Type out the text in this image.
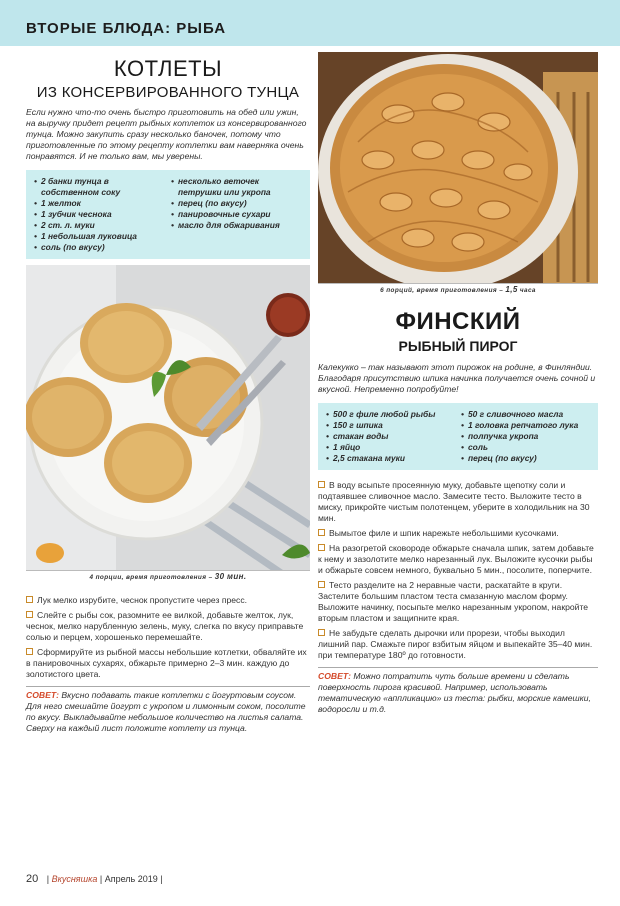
ВТОРЫЕ БЛЮДА: РЫБА
КОТЛЕТЫ
ИЗ КОНСЕРВИРОВАННОГО ТУНЦА

Если нужно что-то очень быстро приготовить на обед или ужин, на выручку придет рецепт рыбных котлеток из консервированного тунца. Можно закупить сразу несколько баночек, потому что приготовленные по этому рецепту котлетки вам наверняка очень понравятся. И не только вам, мы уверены.

• 2 банки тунца в собственном соку
• 1 желток
• 1 зубчик чеснока
• 2 ст. л. муки
• 1 небольшая луковица
• соль (по вкусу)
• несколько веточек петрушки или укропа
• перец (по вкусу)
• панировочные сухари
• масло для обжаривания
4 порции, время приготовления – 30 мин.

Лук мелко изрубите, чеснок пропустите через пресс.

Слейте с рыбы сок, разомните ее вилкой, добавьте желток, лук, чеснок, мелко нарубленную зелень, муку, слегка по вкусу приправьте солью и перцем, хорошенько перемешайте.

Сформируйте из рыбной массы небольшие котлетки, обваляйте их в панировочных сухарях, обжарьте примерно 2–3 мин. каждую до золотистого цвета.

СОВЕТ: Вкусно подавать такие котлетки с йогуртовым соусом. Для него смешайте йогурт с укропом и лимонным соком, посолите по вкусу. Выкладывайте небольшое количество на листья салата. Сверху на каждый лист положите котлету из тунца.

6 порций, время приготовления – 1,5 часа
ФИНСКИЙ
РЫБНЫЙ ПИРОГ

Калекукко – так называют этот пирожок на родине, в Финляндии. Благодаря присутствию шпика начинка получается очень сочной и вкусной. Непременно попробуйте!

• 500 г филе любой рыбы
• 150 г шпика
• стакан воды
• 1 яйцо
• 2,5 стакана муки
• 50 г сливочного масла
• 1 головка репчатого лука
• полпучка укропа
• соль
• перец (по вкусу)

В воду всыпьте просеянную муку, добавьте щепотку соли и подтаявшее сливочное масло. Замесите тесто. Выложите тесто в миску, прикройте чистым полотенцем, уберите в холодильник на 30 мин.

Вымытое филе и шпик нарежьте небольшими кусочками.

На разогретой сковороде обжарьте сначала шпик, затем добавьте к нему и зазолотите мелко нарезанный лук. Выложите кусочки рыбы и обжарьте совсем немного, буквально 5 мин., посолите, поперчите.

Тесто разделите на 2 неравные части, раскатайте в круги. Застелите большим пластом теста смазанную маслом форму. Выложите начинку, посыпьте мелко нарезанным укропом, накройте вторым пластом и защипните края.

Не забудьте сделать дырочки или прорези, чтобы выходил лишний пар. Смажьте пирог взбитым яйцом и выпекайте 35–40 мин. при температуре 180º до готовности.

СОВЕТ: Можно потратить чуть больше времени и сделать поверхность пирога красивой. Например, использовать тематическую «аппликацию» из теста: рыбки, морские камешки, водоросли и т.д.

20 | Вкусняшка | Апрель 2019 |
